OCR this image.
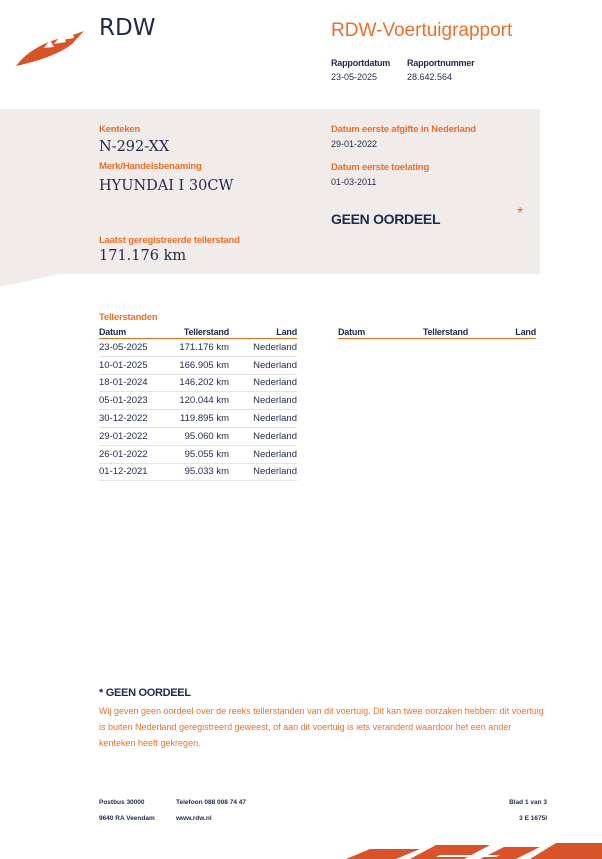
RDW	RDW-Voertuigrapport
Rapportdatum
23-05-2025
Rapportnummer
28.642.564
Kenteken
N-292-XX
Merk/Handelsbenaming
HYUNDAI I 30CW
Datum eerste afgifte in Nederland
29-01-2022
Datum eerste toelating
01-03-2011
GEEN OORDEEL	*
Laatst geregistreerde tellerstand
171.176 km
Tellerstanden
Datum	Tellerstand	Land
23-05-2025	171.176 km	Nederland
10-01-2025	166.905 km	Nederland
18-01-2024	146.202 km	Nederland
05-01-2023	120.044 km	Nederland
30-12-2022	119.895 km	Nederland
29-01-2022	95.060 km	Nederland
26-01-2022	95.055 km	Nederland
01-12-2021	95.033 km	Nederland
Datum	Tellerstand	Land
* GEEN OORDEEL
Wij geven geen oordeel over de reeks tellerstanden van dit voertuig. Dit kan twee oorzaken hebben: dit voertuig is buiten Nederland geregistreerd geweest, of aan dit voertuig is iets veranderd waardoor het een ander kenteken heeft gekregen.
Postbus 30000
9640 RA Veendam
Telefoon 088 008 74 47
www.rdw.nl
Blad 1 van 3
3 E 1675I
